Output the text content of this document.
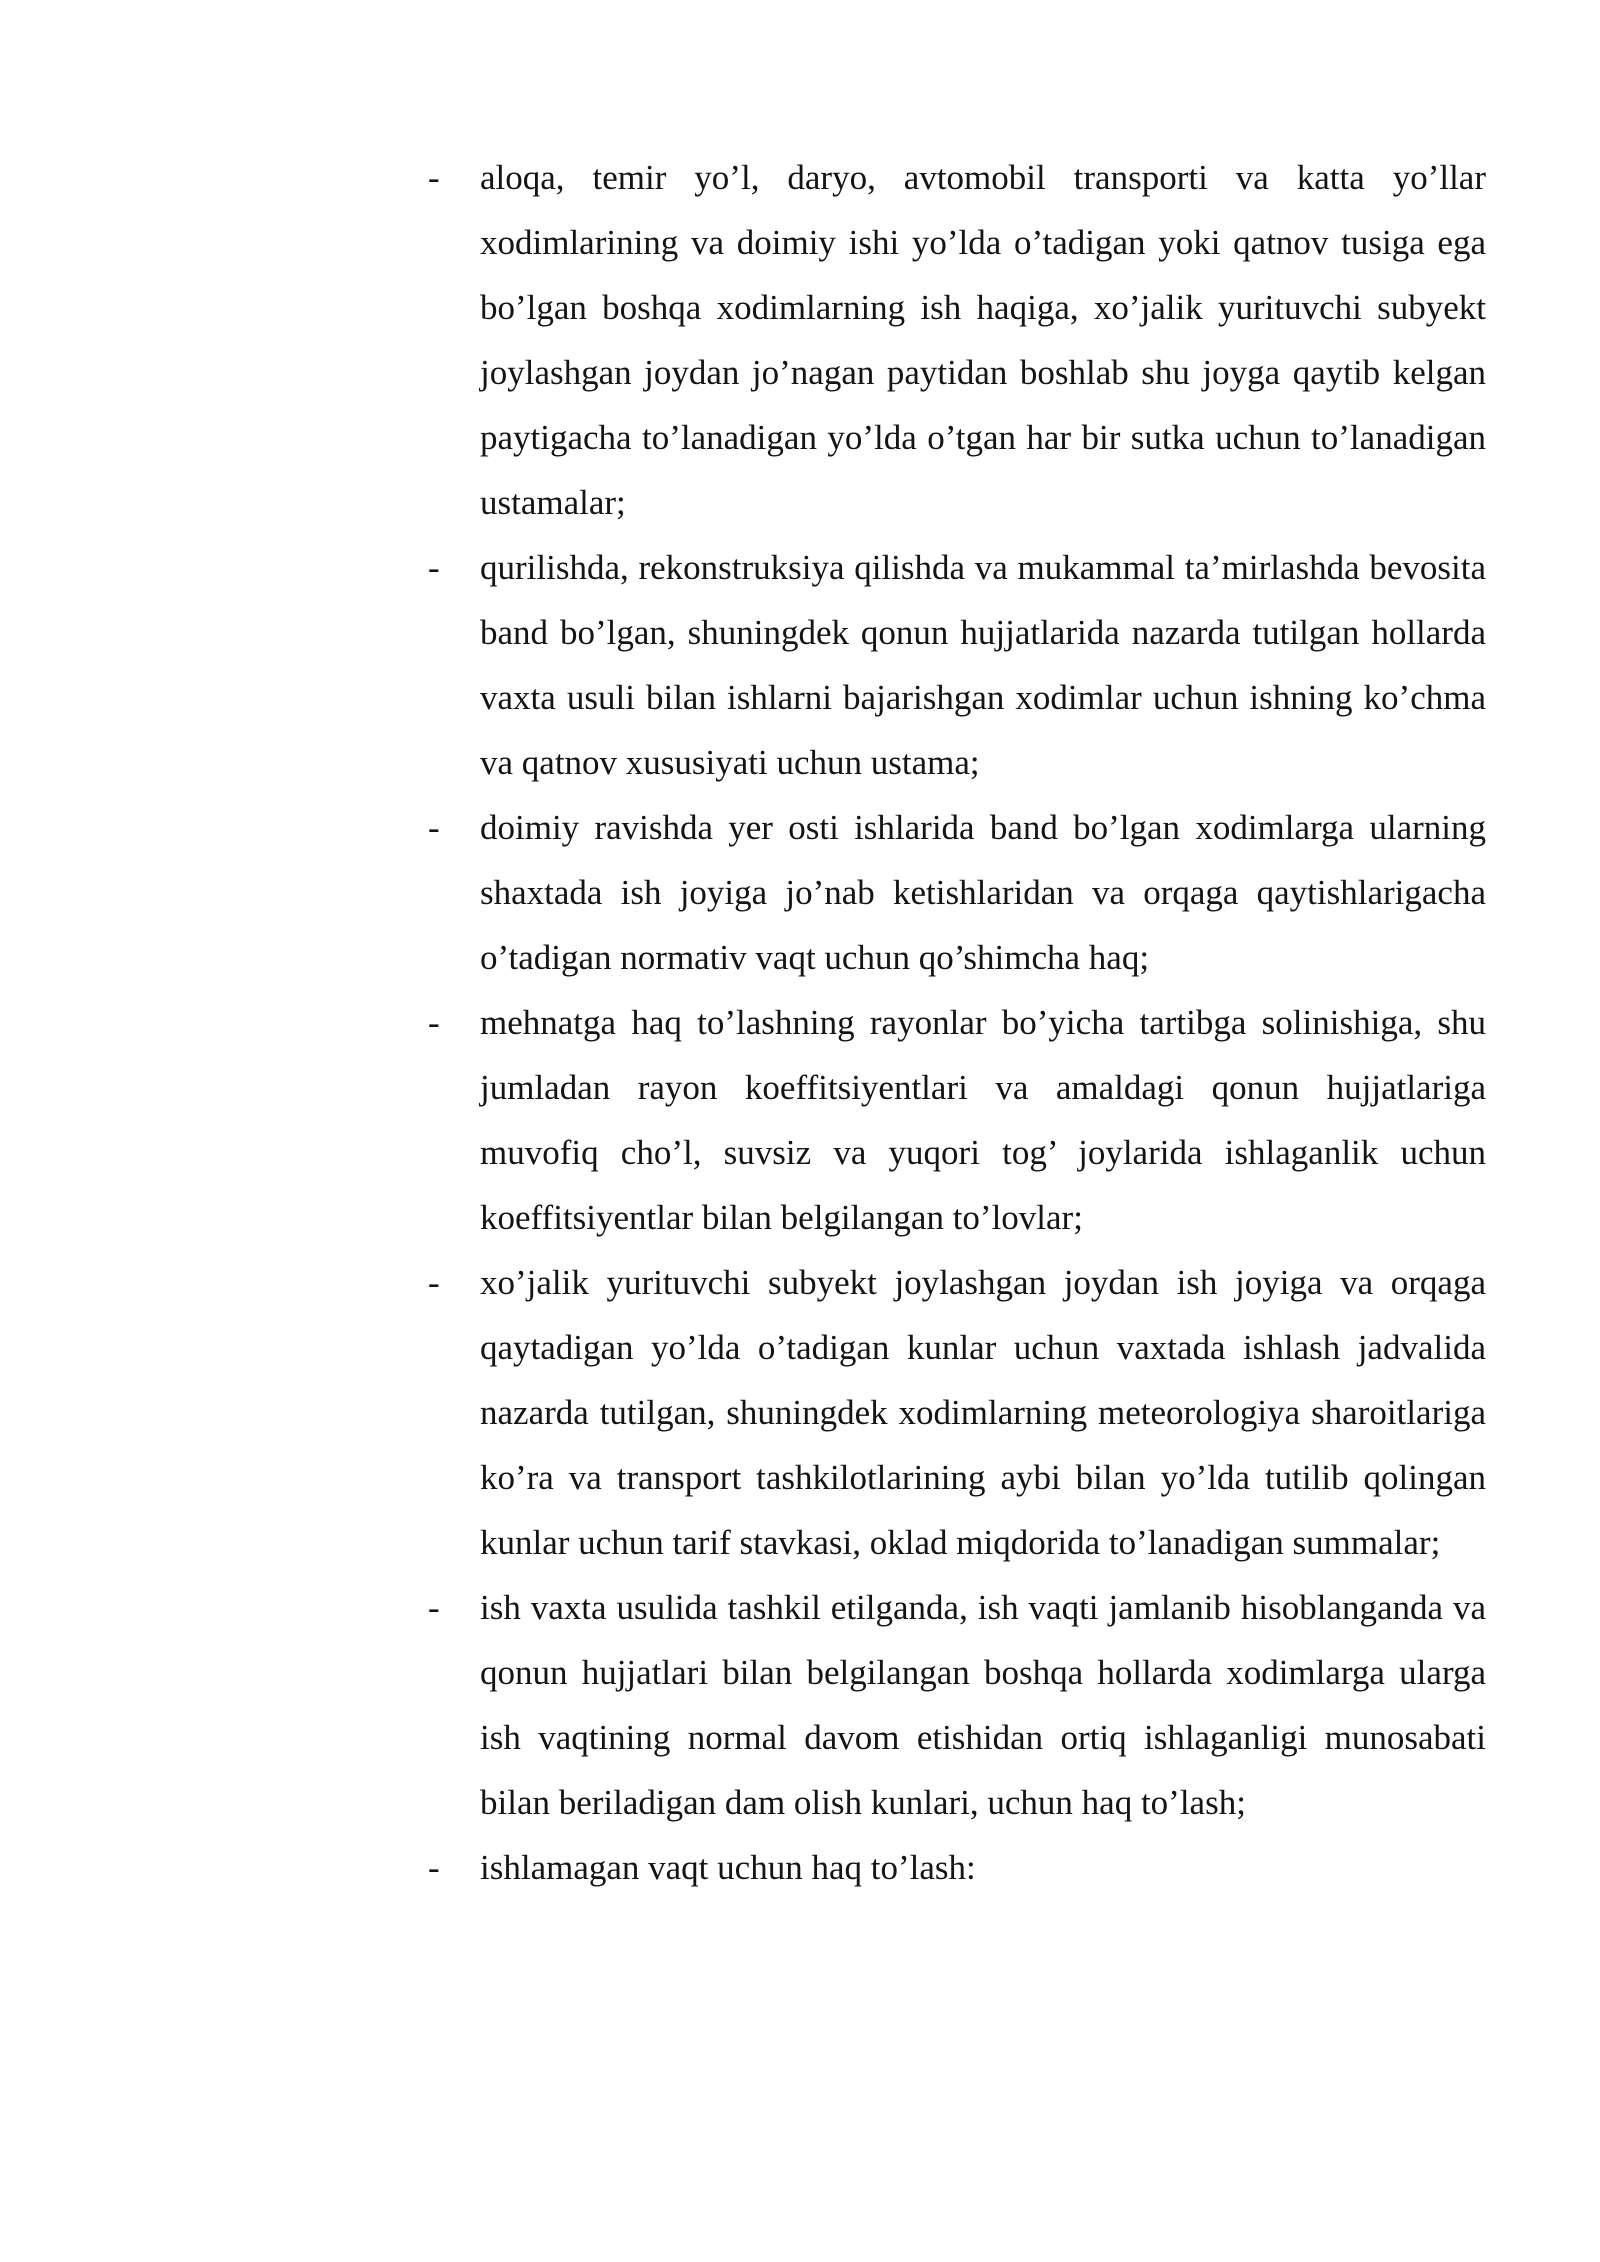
- aloqa, temir yo’l, daryo, avtomobil transporti va katta yo’llar xodimlarining va doimiy ishi yo’lda o’tadigan yoki qatnov tusiga ega bo’lgan boshqa xodimlarning ish haqiga, xo’jalik yurituvchi subyekt joylashgan joydan jo’nagan paytidan boshlab shu joyga qaytib kelgan paytigacha to’lanadigan yo’lda o’tgan har bir sutka uchun to’lanadigan ustamalar;
- qurilishda, rekonstruksiya qilishda va mukammal ta’mirlashda bevosita band bo’lgan, shuningdek qonun hujjatlarida nazarda tutilgan hollarda vaxta usuli bilan ishlarni bajarishgan xodimlar uchun ishning ko’chma va qatnov xususiyati uchun ustama;
- doimiy ravishda yer osti ishlarida band bo’lgan xodimlarga ularning shaxtada ish joyiga jo’nab ketishlaridan va orqaga qaytishlarigacha o’tadigan normativ vaqt uchun qo’shimcha haq;
- mehnatga haq to’lashning rayonlar bo’yicha tartibga solinishiga, shu jumladan rayon koeffitsiyentlari va amaldagi qonun hujjatlariga muvofiq cho’l, suvsiz va yuqori tog’ joylarida ishlaganlik uchun koeffitsiyentlar bilan belgilangan to’lovlar;
- xo’jalik yurituvchi subyekt joylashgan joydan ish joyiga va orqaga qaytadigan yo’lda o’tadigan kunlar uchun vaxtada ishlash jadvalida nazarda tutilgan, shuningdek xodimlarning meteorologiya sharoitlariga ko’ra va transport tashkilotlarining aybi bilan yo’lda tutilib qolingan kunlar uchun tarif stavkasi, oklad miqdorida to’lanadigan summalar;
- ish vaxta usulida tashkil etilganda, ish vaqti jamlanib hisoblanganda va qonun hujjatlari bilan belgilangan boshqa hollarda xodimlarga ularga ish vaqtining normal davom etishidan ortiq ishlaganligi munosabati bilan beriladigan dam olish kunlari, uchun haq to’lash;
- ishlamagan vaqt uchun haq to’lash:
